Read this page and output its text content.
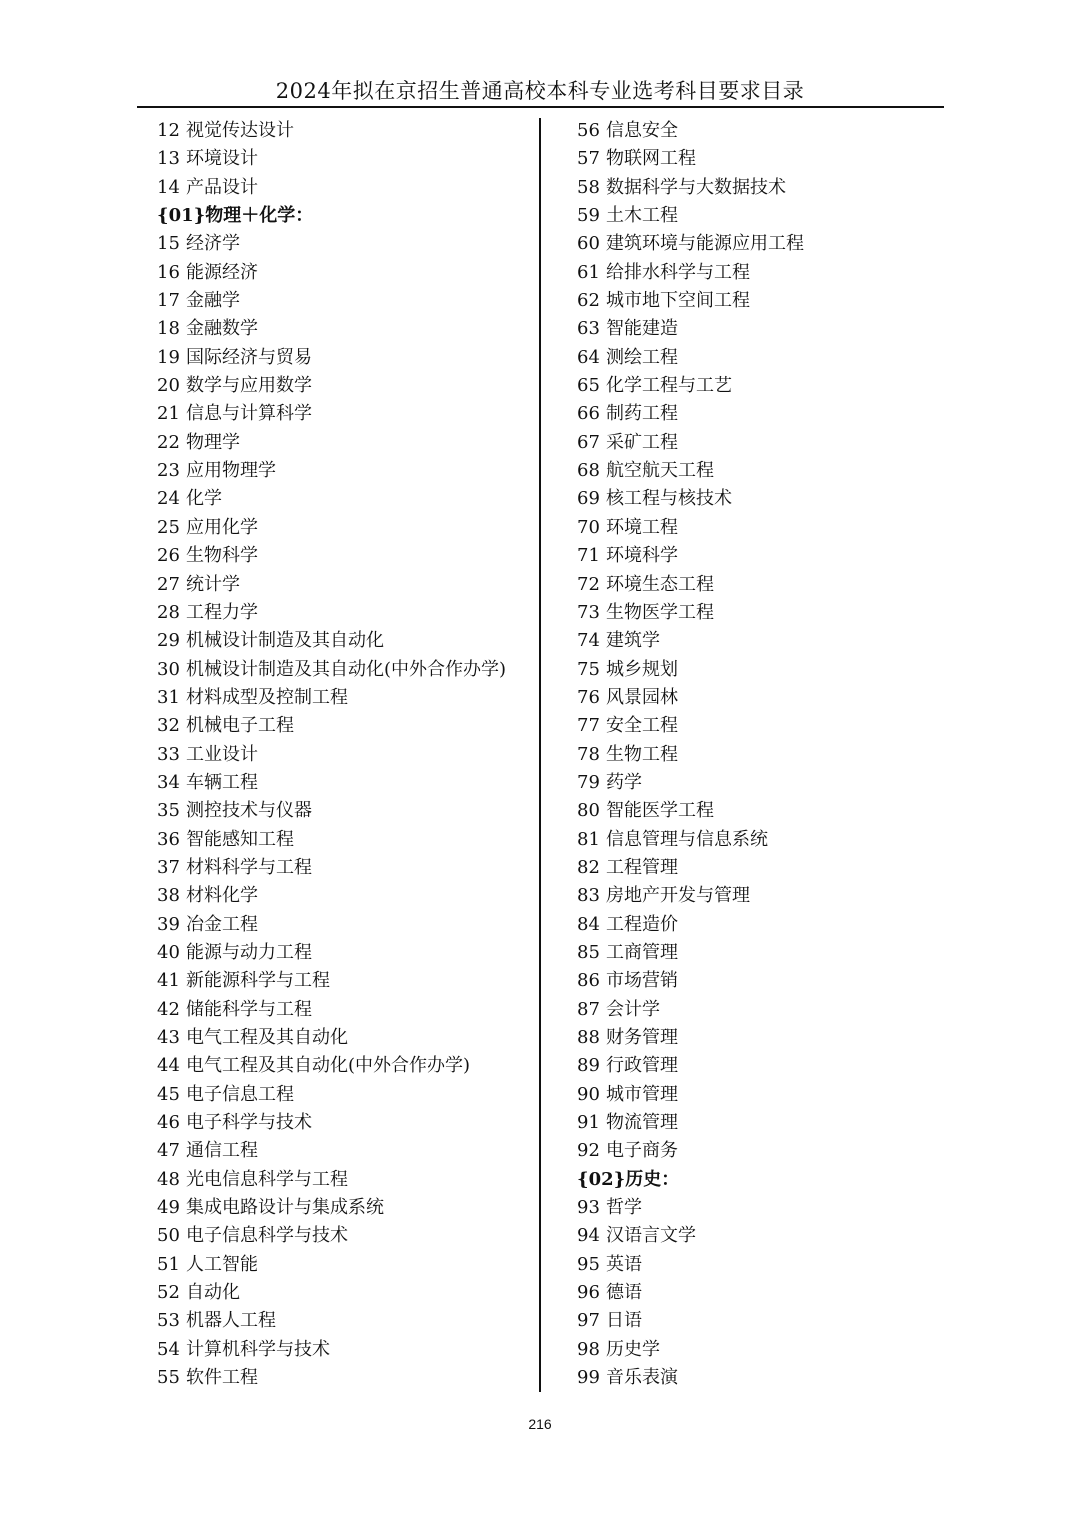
2024年拟在京招生普通高校本科专业选考科目要求目录
12 视觉传达设计
13 环境设计
14 产品设计
{01}物理＋化学：
15 经济学
16 能源经济
17 金融学
18 金融数学
19 国际经济与贸易
20 数学与应用数学
21 信息与计算科学
22 物理学
23 应用物理学
24 化学
25 应用化学
26 生物科学
27 统计学
28 工程力学
29 机械设计制造及其自动化
30 机械设计制造及其自动化(中外合作办学)
31 材料成型及控制工程
32 机械电子工程
33 工业设计
34 车辆工程
35 测控技术与仪器
36 智能感知工程
37 材料科学与工程
38 材料化学
39 冶金工程
40 能源与动力工程
41 新能源科学与工程
42 储能科学与工程
43 电气工程及其自动化
44 电气工程及其自动化(中外合作办学)
45 电子信息工程
46 电子科学与技术
47 通信工程
48 光电信息科学与工程
49 集成电路设计与集成系统
50 电子信息科学与技术
51 人工智能
52 自动化
53 机器人工程
54 计算机科学与技术
55 软件工程
56 信息安全
57 物联网工程
58 数据科学与大数据技术
59 土木工程
60 建筑环境与能源应用工程
61 给排水科学与工程
62 城市地下空间工程
63 智能建造
64 测绘工程
65 化学工程与工艺
66 制药工程
67 采矿工程
68 航空航天工程
69 核工程与核技术
70 环境工程
71 环境科学
72 环境生态工程
73 生物医学工程
74 建筑学
75 城乡规划
76 风景园林
77 安全工程
78 生物工程
79 药学
80 智能医学工程
81 信息管理与信息系统
82 工程管理
83 房地产开发与管理
84 工程造价
85 工商管理
86 市场营销
87 会计学
88 财务管理
89 行政管理
90 城市管理
91 物流管理
92 电子商务
{02}历史：
93 哲学
94 汉语言文学
95 英语
96 德语
97 日语
98 历史学
99 音乐表演
216
